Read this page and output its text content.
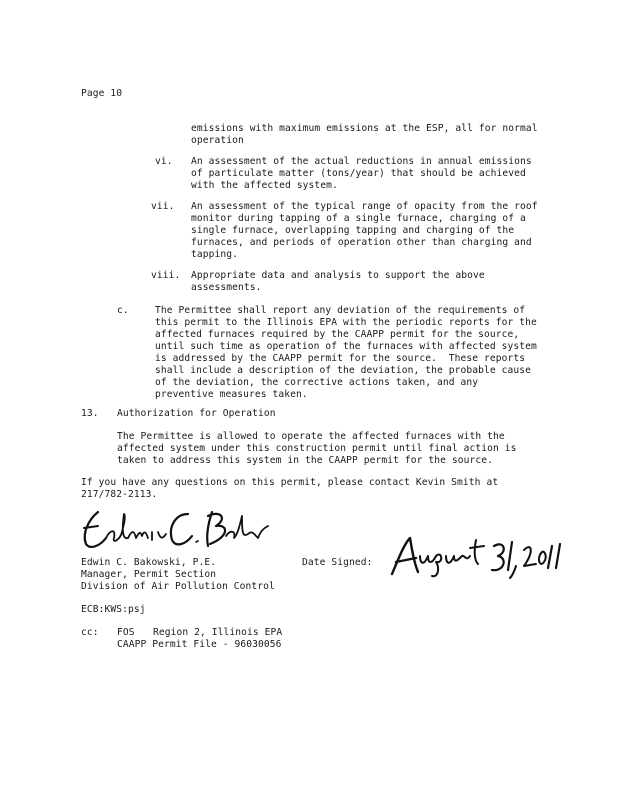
Page 10
emissions with maximum emissions at the ESP, all for normal
operation
vi. An assessment of the actual reductions in annual emissions
of particulate matter (tons/year) that should be achieved
with the affected system.
vii. An assessment of the typical range of opacity from the roof
monitor during tapping of a single furnace, charging of a
single furnace, overlapping tapping and charging of the
furnaces, and periods of operation other than charging and
tapping.
viii. Appropriate data and analysis to support the above
assessments.
c.	The Permittee shall report any deviation of the requirements of
this permit to the Illinois EPA with the periodic reports for the
affected furnaces required by the CAAPP permit for the source,
until such time as operation of the furnaces with affected system
is addressed by the CAAPP permit for the source.  These reports
shall include a description of the deviation, the probable cause
of the deviation, the corrective actions taken, and any
preventive measures taken.
13. Authorization for Operation
The Permittee is allowed to operate the affected furnaces with the
affected system under this construction permit until final action is
taken to address this system in the CAAPP permit for the source.
If you have any questions on this permit, please contact Kevin Smith at
217/782-2113.
Edwin C. Bakowski, P.E.
Manager, Permit Section
Division of Air Pollution Control
Date Signed:
ECB:KWS:psj
cc: FOS Region 2, Illinois EPA
CAAPP Permit File - 96030056
